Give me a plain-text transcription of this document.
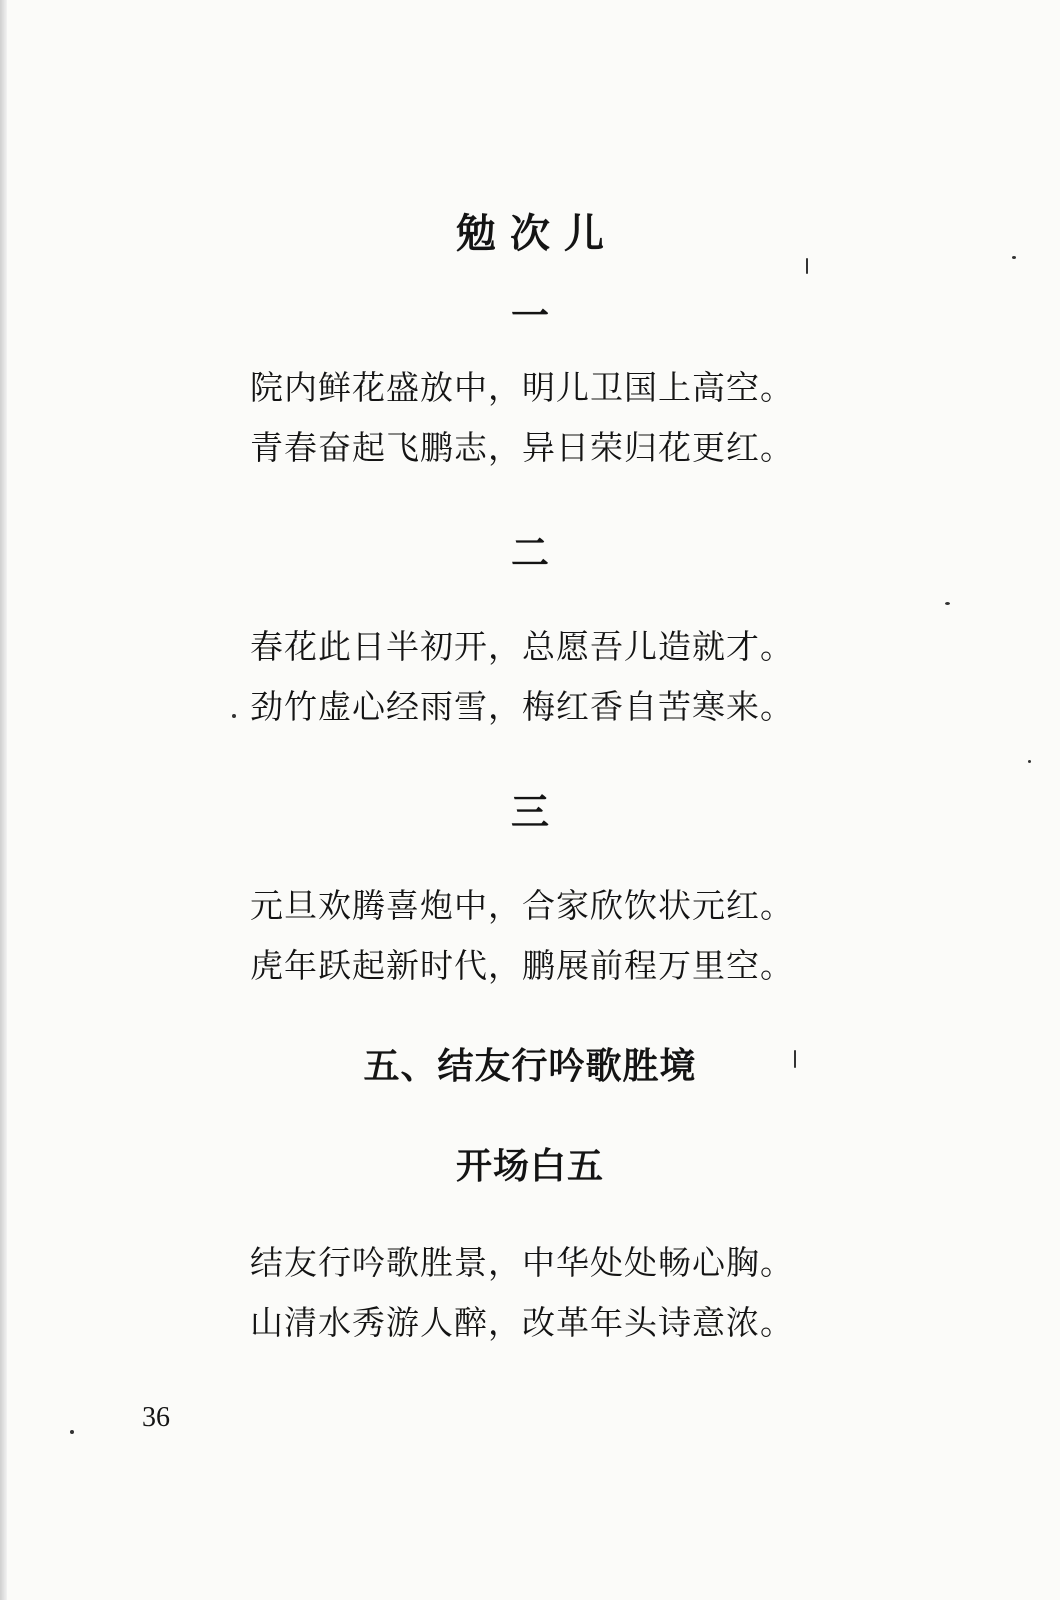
勉次儿
一
院内鲜花盛放中，明儿卫国上高空。
青春奋起飞鹏志，异日荣归花更红。
二
春花此日半初开，总愿吾儿造就才。
劲竹虚心经雨雪，梅红香自苦寒来。
三
元旦欢腾喜炮中，合家欣饮状元红。
虎年跃起新时代，鹏展前程万里空。
五、结友行吟歌胜境
开场白五
结友行吟歌胜景，中华处处畅心胸。
山清水秀游人醉，改革年头诗意浓。
36
